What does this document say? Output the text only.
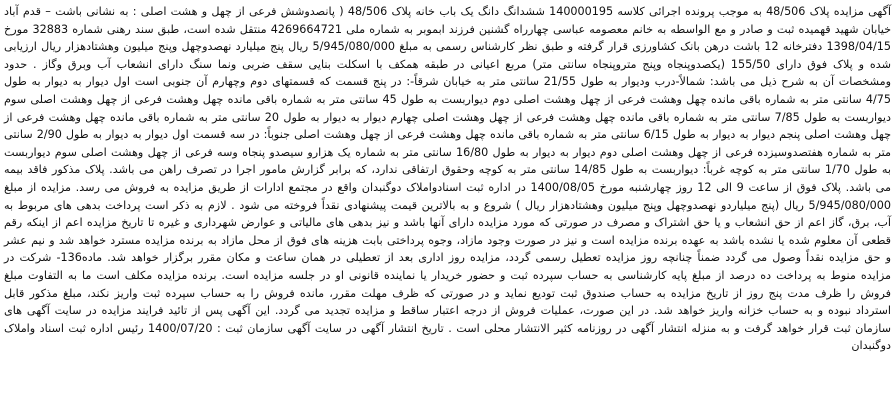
آگهی مزایده پلاک 48/506 به موجب پرونده اجرائی کلاسه 140000195 ششدانگ دانگ یک باب خانه پلاک 48/506 ( پانصدوشش فرعی از چهل و هشت اصلی : به نشانی باشت – قدم آباد خیابان شهید قهمیده ثبت و صادر و مع الواسطه به خانم معصومه عباسی چهارراه گشنین فرزند ابموبر به شماره ملی 4269664721 منتقل شده است، طبق سند رهنی شماره 32883 مورخ 1398/04/15 دفترخانه 12 باشت درهن بانک کشاورزی قرار گرفته و طبق نظر کارشناس رسمی به مبلغ 5/945/080/000 ریال پنج میلیارد نهصدوچهل وپنج میلیون وهشتادهزار ریال ارزیابی شده و پلاک فوق دارای 155/50 (یکصدوپنجاه وپنج متروپنجاه سانتی متر) مربع اعیانی در طبقه همکف با اسکلت بنایی سقف ضربی ونما سنگ دارای انشعاب آب وبرق وگاز . حدود ومشخصات آن به شرح ذیل می باشد: شمالاً-درب ودیوار به طول 21/55 سانتی متر به خیابان شرقاً-: در پنج قسمت که قسمتهای دوم وچهارم آن جنوبی است اول دیوار به دیوار به طول 4/75 سانتی متر به شماره باقی مانده چهل وهشت فرعی از چهل وهشت اصلی دوم دیواربست به طول 45 سانتی متر به شماره باقی مانده چهل وهشت فرعی از چهل وهشت اصلی سوم دیواربست به طول 7/85 سانتی متر به شماره باقی مانده چهل وهشت فرعی از چهل وهشت اصلی چهارم دیوار به دیوار به طول 20 سانتی متر به شماره باقی مانده چهل وهشت فرعی از چهل وهشت اصلی پنجم دیوار به دیوار به طول 6/15 سانتی متر به شماره باقی مانده چهل وهشت فرعی از چهل وهشت اصلی جنوباً: در سه قسمت اول دیوار به دیوار به طول 2/90 سانتی متر به شماره هفتصدوسیزده فرعی از چهل وهشت اصلی دوم دیوار به دیوار به طول 16/80 سانتی متر به شماره یک هزارو سیصدو پنجاه وسه فرعی از چهل وهشت اصلی سوم دیواربست به طول 1/70 سانتی متر به کوچه غرباً: دیواربست به طول 14/85 سانتی متر به کوچه وحقوق ارتفاقی ندارد، که برابر گزارش مامور اجرا در تصرف راهن می باشد. پلاک مذکور فاقد بیمه می باشد. پلاک فوق از ساعت 9 الی 12 روز چهارشنبه مورخ 1400/08/05 در اداره ثبت اسنادواملاک دوگنبدان واقع در مجتمع ادارات از طریق مزایده به فروش می رسد. مزایده از مبلغ 5/945/080/000 ریال (پنج میلیاردو نهصدوچهل وپنج میلیون وهشتادهزار ریال ) شروع و به بالاترین قیمت پیشنهادی نقداً فروخته می شود . لازم به ذکر است پرداخت بدهی های مربوط به آب، برق، گاز اعم از حق انشعاب و یا حق اشتراک و مصرف در صورتی که مورد مزایده دارای آنها باشد و نیز بدهی های مالیاتی و عوارض شهرداری و غیره تا تاریخ مزایده اعم از اینکه رقم قطعی آن معلوم شده یا نشده باشد به عهده برنده مزایده است و نیز در صورت وجود مازاد، وجوه پرداختی بابت هزینه های فوق از محل مازاد به برنده مزایده مسترد خواهد شد و نیم عشر و حق مزایده نقداً وصول می گردد ضمناً چنانچه روز مزایده تعطیل رسمی گردد، مزایده روز اداری بعد از تعطیلی در همان ساعت و مکان مقرر برگزار خواهد شد. ماده136- شرکت در مزایده منوط به پرداخت ده درصد از مبلغ پایه کارشناسی به حساب سپرده ثبت و حضور خریدار یا نماینده قانونی او در جلسه مزایده است. برنده مزایده مکلف است ما به التفاوت مبلغ فروش را ظرف مدت پنج روز از تاریخ مزایده به حساب صندوق ثبت تودیع نماید و در صورتی که ظرف مهلت مقرر، مانده فروش را به حساب سپرده ثبت واریز نکند، مبلغ مذکور قابل استرداد نبوده و به حساب خزانه واریز خواهد شد. در این صورت، عملیات فروش از درجه اعتبار ساقط و مزایده تجدید می گردد. این آگهی پس از تائید فرایند مزایده در سایت آگهی های سازمان ثبت قرار خواهد گرفت و به منزله انتشار آگهی در روزنامه کثیر الانتشار محلی است . تاریخ انتشار آگهی در سایت آگهی سازمان ثبت : 1400/07/20 رئیس اداره ثبت اسناد واملاک دوگنبدان
